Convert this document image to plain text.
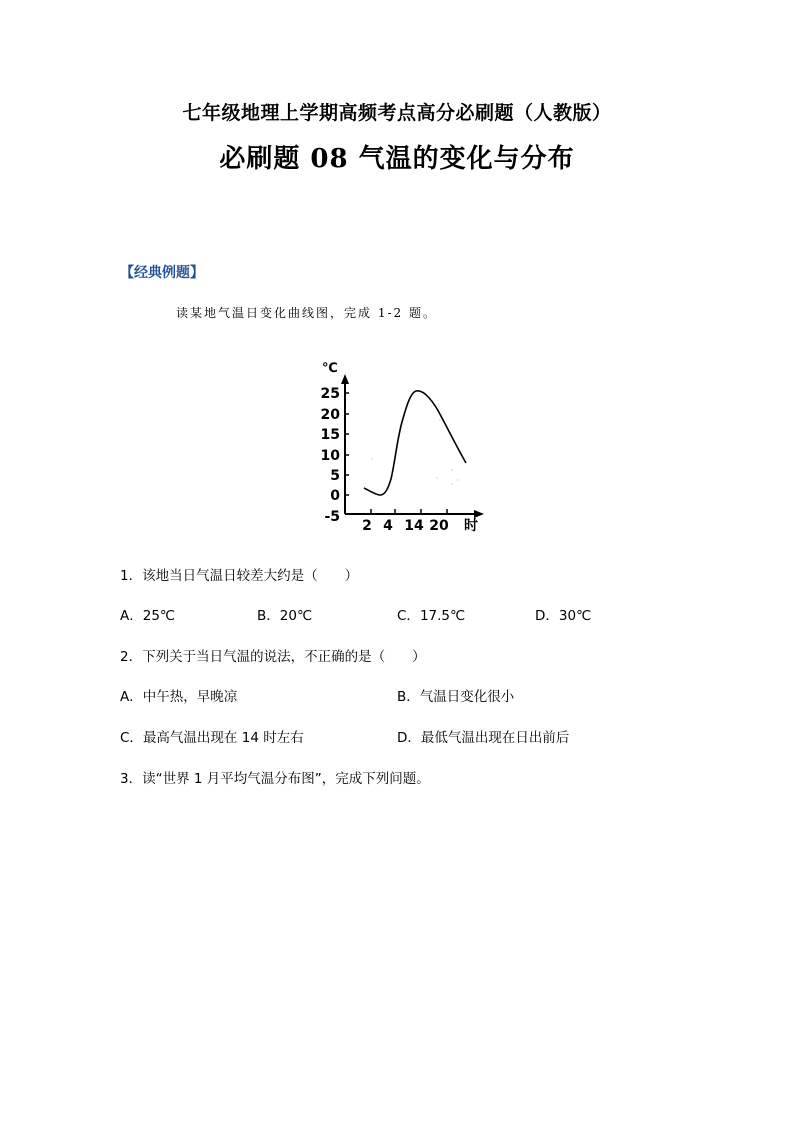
七年级地理上学期高频考点高分必刷题（人教版）
必刷题 08 气温的变化与分布
【经典例题】
读某地气温日变化曲线图，完成 1-2 题。
℃
25
20
15
10
5
0
-5
2 4 14 20 时
1．该地当日气温日较差大约是（　　）
A．25℃	B．20℃	C．17.5℃	D．30℃
2．下列关于当日气温的说法，不正确的是（　　）
A．中午热，早晚凉	B．气温日变化很小
C．最高气温出现在 14 时左右	D．最低气温出现在日出前后
3．读“世界 1 月平均气温分布图”，完成下列问题。
